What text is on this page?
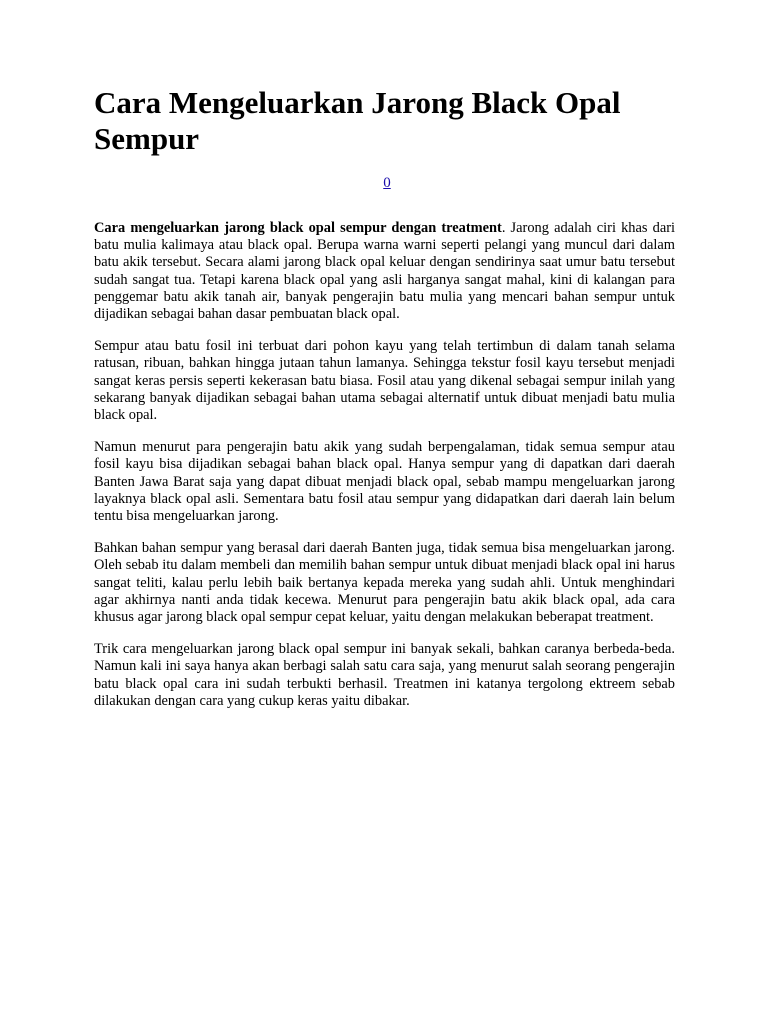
Cara Mengeluarkan Jarong Black Opal Sempur
0

Cara mengeluarkan jarong black opal sempur dengan treatment. Jarong adalah ciri khas dari batu mulia kalimaya atau black opal. Berupa warna warni seperti pelangi yang muncul dari dalam batu akik tersebut. Secara alami jarong black opal keluar dengan sendirinya saat umur batu tersebut sudah sangat tua. Tetapi karena black opal yang asli harganya sangat mahal, kini di kalangan para penggemar batu akik tanah air, banyak pengerajin batu mulia yang mencari bahan sempur untuk dijadikan sebagai bahan dasar pembuatan black opal.

Sempur atau batu fosil ini terbuat dari pohon kayu yang telah tertimbun di dalam tanah selama ratusan, ribuan, bahkan hingga jutaan tahun lamanya. Sehingga tekstur fosil kayu tersebut menjadi sangat keras persis seperti kekerasan batu biasa. Fosil atau yang dikenal sebagai sempur inilah yang sekarang banyak dijadikan sebagai bahan utama sebagai alternatif untuk dibuat menjadi batu mulia black opal.

Namun menurut para pengerajin batu akik yang sudah berpengalaman, tidak semua sempur atau fosil kayu bisa dijadikan sebagai bahan black opal. Hanya sempur yang di dapatkan dari daerah Banten Jawa Barat saja yang dapat dibuat menjadi black opal, sebab mampu mengeluarkan jarong layaknya black opal asli. Sementara batu fosil atau sempur yang didapatkan dari daerah lain belum tentu bisa mengeluarkan jarong.

Bahkan bahan sempur yang berasal dari daerah Banten juga, tidak semua bisa mengeluarkan jarong. Oleh sebab itu dalam membeli dan memilih bahan sempur untuk dibuat menjadi black opal ini harus sangat teliti, kalau perlu lebih baik bertanya kepada mereka yang sudah ahli. Untuk menghindari agar akhirnya nanti anda tidak kecewa. Menurut para pengerajin batu akik black opal, ada cara khusus agar jarong black opal sempur cepat keluar, yaitu dengan melakukan beberapat treatment.

Trik cara mengeluarkan jarong black opal sempur ini banyak sekali, bahkan caranya berbeda-beda. Namun kali ini saya hanya akan berbagi salah satu cara saja, yang menurut salah seorang pengerajin batu black opal cara ini sudah terbukti berhasil. Treatmen ini katanya tergolong ektreem sebab dilakukan dengan cara yang cukup keras yaitu dibakar.
